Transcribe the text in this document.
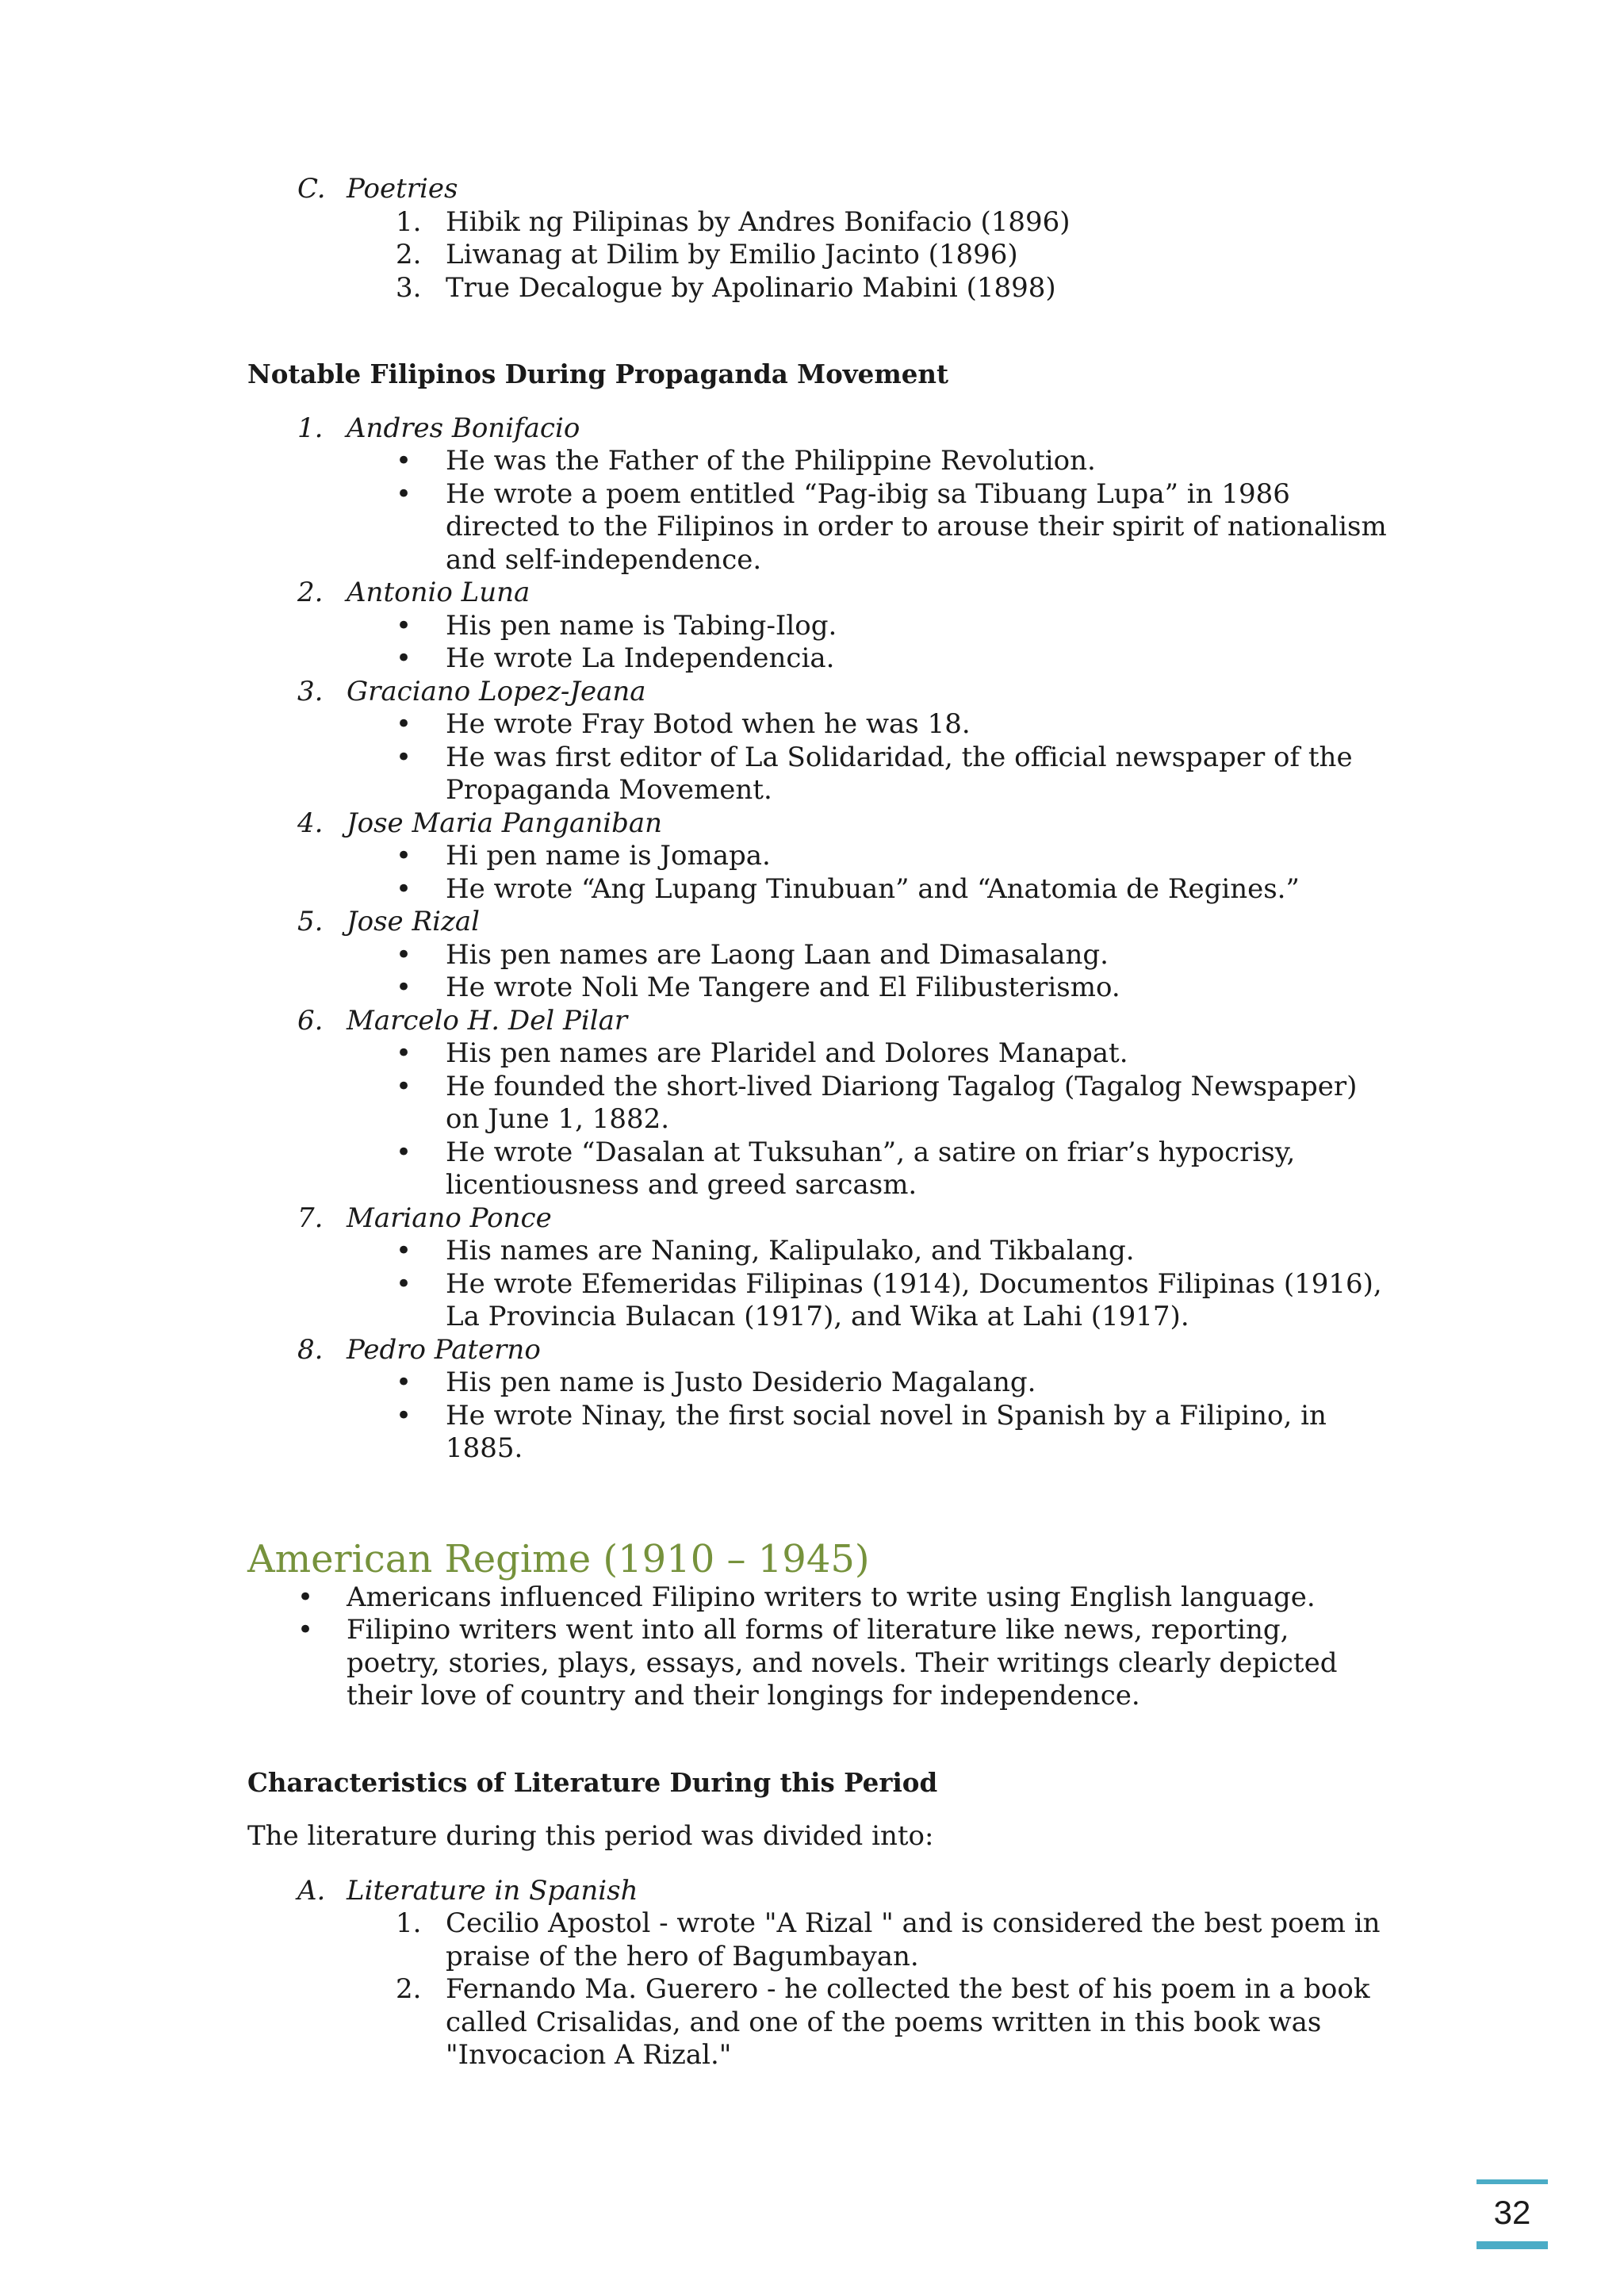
C. Poetries
1. Hibik ng Pilipinas by Andres Bonifacio (1896)
2. Liwanag at Dilim by Emilio Jacinto (1896)
3. True Decalogue by Apolinario Mabini (1898)
Notable Filipinos During Propaganda Movement
1. Andres Bonifacio
•
He was the Father of the Philippine Revolution.
•
He wrote a poem entitled “Pag-ibig sa Tibuang Lupa” in 1986 directed to the Filipinos in order to arouse their spirit of nationalism and self-independence.
2. Antonio Luna
•
His pen name is Tabing-Ilog.
•
He wrote La Independencia.
3. Graciano Lopez-Jeana
•
He wrote Fray Botod when he was 18.
•
He was first editor of La Solidaridad, the official newspaper of the Propaganda Movement.
4. Jose Maria Panganiban
•
Hi pen name is Jomapa.
•
He wrote “Ang Lupang Tinubuan” and “Anatomia de Regines.”
5. Jose Rizal
•
His pen names are Laong Laan and Dimasalang.
•
He wrote Noli Me Tangere and El Filibusterismo.
6. Marcelo H. Del Pilar
•
His pen names are Plaridel and Dolores Manapat.
•
He founded the short-lived Diariong Tagalog (Tagalog Newspaper) on June 1, 1882.
•
He wrote “Dasalan at Tuksuhan”, a satire on friar’s hypocrisy, licentiousness and greed sarcasm.
7. Mariano Ponce
•
His names are Naning, Kalipulako, and Tikbalang.
•
He wrote Efemeridas Filipinas (1914), Documentos Filipinas (1916), La Provincia Bulacan (1917), and Wika at Lahi (1917).
8. Pedro Paterno
•
His pen name is Justo Desiderio Magalang.
•
He wrote Ninay, the first social novel in Spanish by a Filipino, in 1885.
American Regime (1910 – 1945)
•
Americans influenced Filipino writers to write using English language.
•
Filipino writers went into all forms of literature like news, reporting, poetry, stories, plays, essays, and novels. Their writings clearly depicted their love of country and their longings for independence.
Characteristics of Literature During this Period
The literature during this period was divided into:
A. Literature in Spanish
1. Cecilio Apostol - wrote "A Rizal " and is considered the best poem in praise of the hero of Bagumbayan.
2. Fernando Ma. Guerero - he collected the best of his poem in a book called Crisalidas, and one of the poems written in this book was "Invocacion A Rizal."
32
